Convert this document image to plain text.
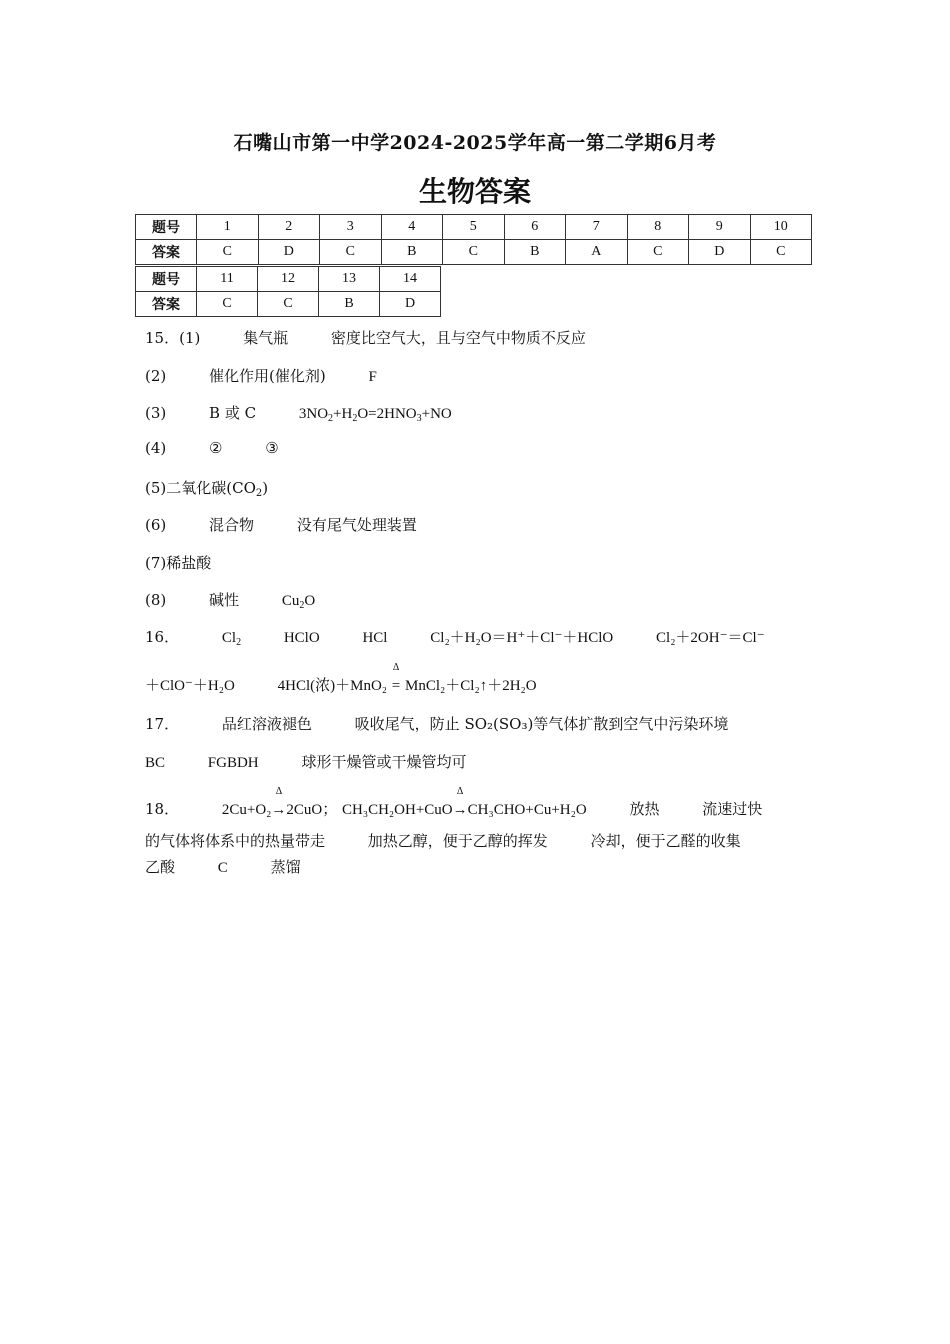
石嘴山市第一中学2024-2025学年高一第二学期6月考
生物答案
题号	1	2	3	4	5	6	7	8	9	10
答案	C	D	C	B	C	B	A	C	D	C
题号	11	12	13	14
答案	C	C	B	D
15．(1)	集气瓶	密度比空气大，且与空气中物质不反应
(2)	催化作用(催化剂)	F
(3)	B 或 C	$3NO_2+H_2O=2HNO_3+NO$
(4)	②	③
(5)二氧化碳$(CO_2)$
(6)	混合物	没有尾气处理装置
(7)稀盐酸
(8)	碱性	$Cu_2O$
16．	$Cl_2$	HClO	HCl	Cl₂＋H₂O＝H⁺＋Cl⁻＋HClO	Cl₂＋2OH⁻＝Cl⁻
＋ClO⁻＋H₂O	4HCl(浓)＋MnO₂
Δ
= MnCl₂＋Cl₂↑＋2H₂O
17．	品红溶液褪色	吸收尾气，防止 SO₂(SO₃)等气体扩散到空气中污染环境
BC	FGBDH	球形干燥管或干燥管均可
18．	2Cu+O₂
Δ
→2CuO； CH₃CH₂OH+CuO
Δ
→CH₃CHO+Cu+H₂O	放热	流速过快
的气体将体系中的热量带走	加热乙醇，便于乙醇的挥发	冷却，便于乙醛的收集
乙酸	C	蒸馏
